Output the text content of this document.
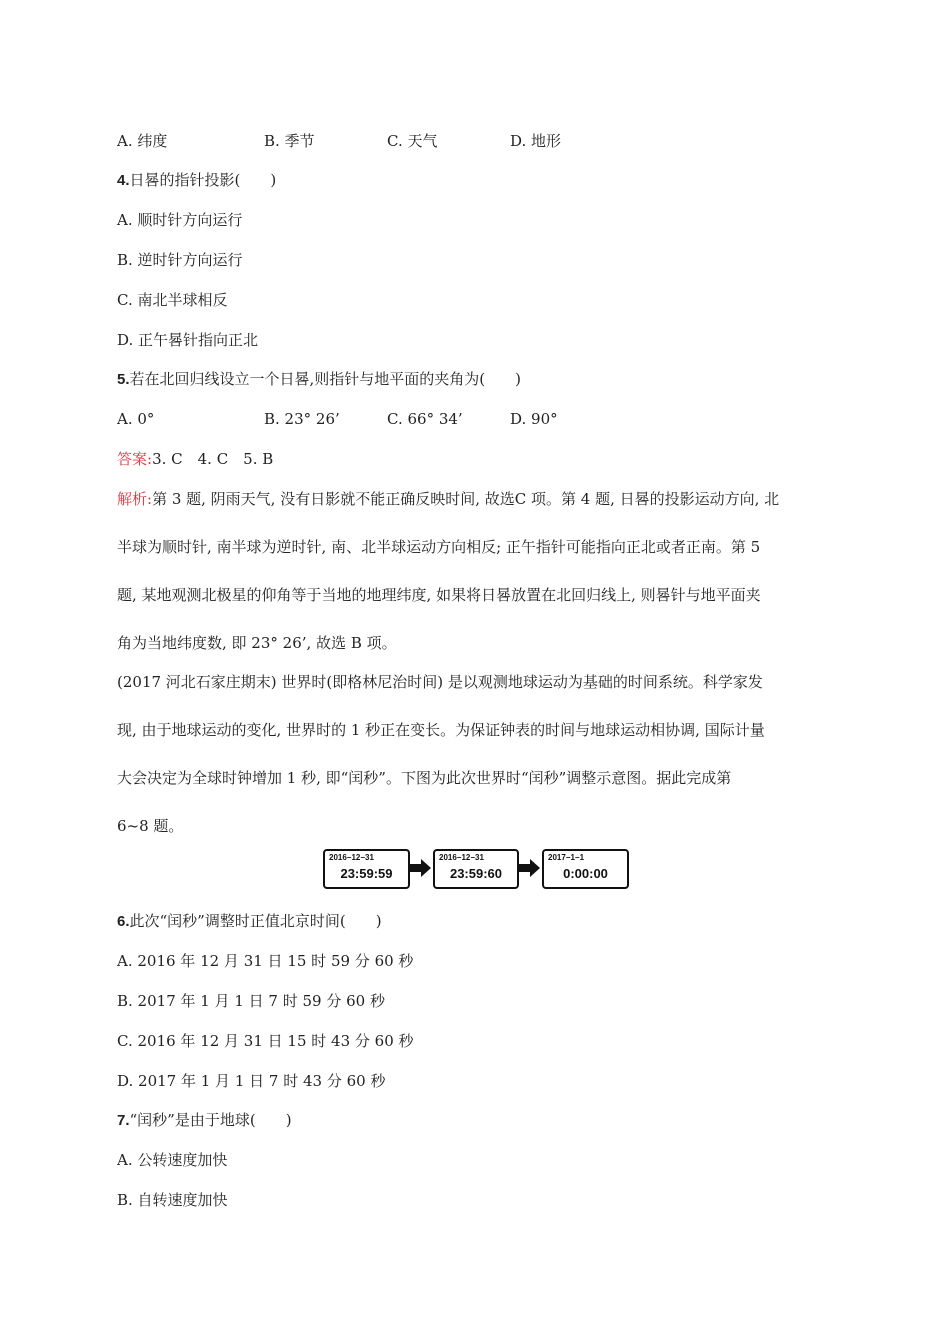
A. 纬度	B. 季节	C. 天气	D. 地形
4.日晷的指针投影(　　)
A. 顺时针方向运行
B. 逆时针方向运行
C. 南北半球相反
D. 正午晷针指向正北
5.若在北回归线设立一个日晷,则指针与地平面的夹角为(　　)
A. 0°	B. 23° 26’	C. 66° 34’	D. 90°
答案:3. C　4. C　5. B
解析:第 3 题, 阴雨天气, 没有日影就不能正确反映时间, 故选C 项。第 4 题, 日晷的投影运动方向, 北
半球为顺时针, 南半球为逆时针, 南、北半球运动方向相反; 正午指针可能指向正北或者正南。第 5
题, 某地观测北极星的仰角等于当地的地理纬度, 如果将日晷放置在北回归线上, 则晷针与地平面夹
角为当地纬度数, 即 23° 26’, 故选 B 项。
(2017 河北石家庄期末) 世界时(即格林尼治时间) 是以观测地球运动为基础的时间系统。科学家发
现, 由于地球运动的变化, 世界时的 1 秒正在变长。为保证钟表的时间与地球运动相协调, 国际计量
大会决定为全球时钟增加 1 秒, 即“闰秒”。下图为此次世界时“闰秒”调整示意图。据此完成第
6~8 题。
2016−12−31
23:59:59
2016−12−31
23:59:60
2017−1−1
0:00:00
6.此次“闰秒”调整时正值北京时间(　　)
A. 2016 年 12 月 31 日 15 时 59 分 60 秒
B. 2017 年 1 月 1 日 7 时 59 分 60 秒
C. 2016 年 12 月 31 日 15 时 43 分 60 秒
D. 2017 年 1 月 1 日 7 时 43 分 60 秒
7.“闰秒”是由于地球(　　)
A. 公转速度加快
B. 自转速度加快
